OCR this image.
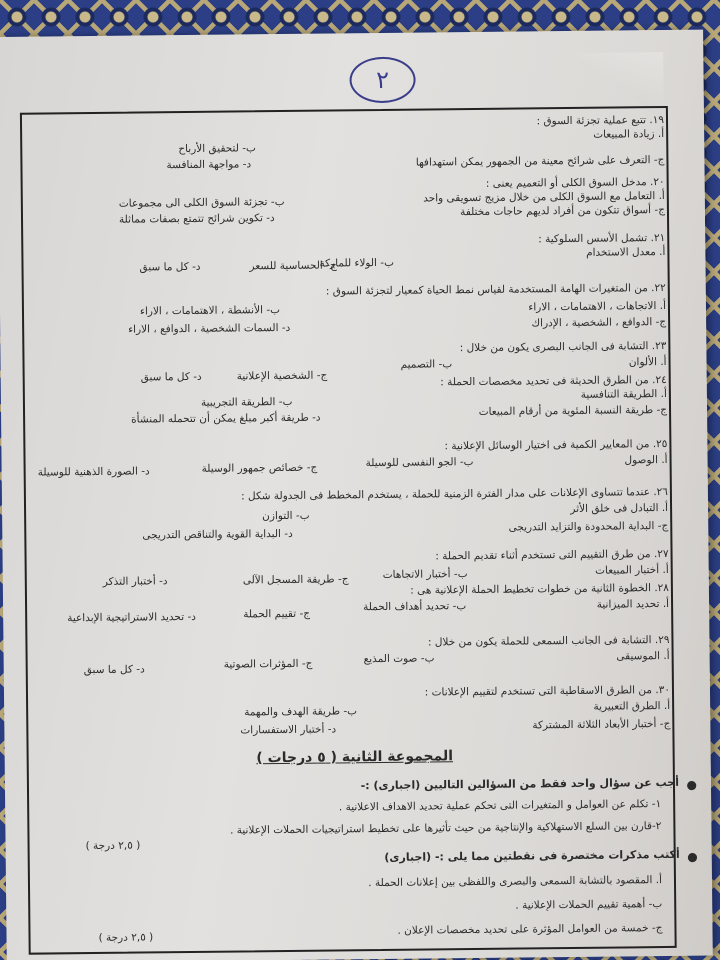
٢
١٩. تتبع عملية تجزئة السوق :
أ. زيادة المبيعات
ب- لتحقيق الأرباح
ج- التعرف على شرائح معينة من الجمهور يمكن استهدافها
د- مواجهة المنافسة
٢٠. مدخل السوق الكلى أو التعميم يعنى :
أ. التعامل مع السوق الكلى من خلال مزيج تسويقى واحد
ب- تجزئة السوق الكلى الى مجموعات
ج- أسواق تتكون من أفراد لديهم حاجات مختلفة
د- تكوين شرائح تتمتع بصفات مماثلة
٢١. تشمل الأسس السلوكية :
أ. معدل الاستخدام
ب- الولاء للماركة
ج- الحساسية للسعر
د- كل ما سبق
٢٢. من المتغيرات الهامة المستخدمة لقياس نمط الحياة كمعيار لتجزئة السوق :
أ. الاتجاهات ، الاهتمامات ، الاراء
ب- الأنشطة ، الاهتمامات ، الاراء
ج- الدوافع ، الشخصية ، الإدراك
د- السمات الشخصية ، الدوافع ، الاراء
٢٣. التشابة فى الجانب البصرى يكون من خلال :
أ. الألوان
ب- التصميم
ج- الشخصية الإعلانية
د- كل ما سبق	٢٤. من الطرق الحديثة فى تحديد مخصصات الحملة :
أ. الطريقة التنافسية
ب- الطريقة التجريبية
ج- طريقة النسبة المئوية من أرقام المبيعات
د- طريقة أكبر مبلغ يمكن أن تتحمله المنشأة
٢٥. من المعايير الكمية فى اختيار الوسائل الإعلانية :
أ. الوصول
ب- الجو النفسى للوسيلة
ج- خصائص جمهور الوسيلة
د- الصورة الذهنية للوسيلة
٢٦. عندما تتساوى الإعلانات على مدار الفترة الزمنية للحملة ، يستخدم المخطط فى الجدولة شكل :
أ. التبادل فى خلق الأثر
ب- التوازن
ج- البداية المحدودة والتزايد التدريجى
د- البداية القوية والتناقص التدريجى
٢٧. من طرق التقييم التى تستخدم أثناء تقديم الحملة :
أ. أختبار المبيعات
ب- أختبار الاتجاهات
ج- طريقة المسجل الآلى
د- أختبار التذكر
٢٨. الخطوة الثانية من خطوات تخطيط الحملة الإعلانية هى :
أ. تحديد الميزانية
ب- تحديد أهداف الحملة
ج- تقييم الحملة
د- تحديد الاستراتيجية الإبداعية
٢٩. التشابة فى الجانب السمعى للحملة يكون من خلال :
أ. الموسيقى
ب- صوت المذيع
ج- المؤثرات الصوتية
د- كل ما سبق
٣٠. من الطرق الاسقاطية التى تستخدم لتقييم الإعلانات :
أ. الطرق التعبيرية
ب- طريقة الهدف والمهمة
ج- أختبار الأبعاد الثلاثة المشتركة
د- أختبار الاستفسارات
المجموعة الثانية ( ٥ درجات )
●
أجب عن سؤال واحد فقط من السؤالين التاليين (اجبارى) :-
١- تكلم عن العوامل و المتغيرات التى تحكم عملية تحديد الاهداف الاعلانية .
٢-قارن بين السلع الاستهلاكية والإنتاجية من حيث تأثيرها على تخطيط استراتيجيات الحملات الإعلانية .
( ٢,٥ درجة )
●
أكتب مذكرات مختصرة فى نقطتين مما يلى :- (اجبارى)
أ. المقصود بالتشابة السمعى والبصرى واللفظى بين إعلانات الحملة .
ب- أهمية تقييم الحملات الإعلانية .
ج- خمسة من العوامل المؤثرة على تحديد مخصصات الإعلان .
( ٢,٥ درجة )
